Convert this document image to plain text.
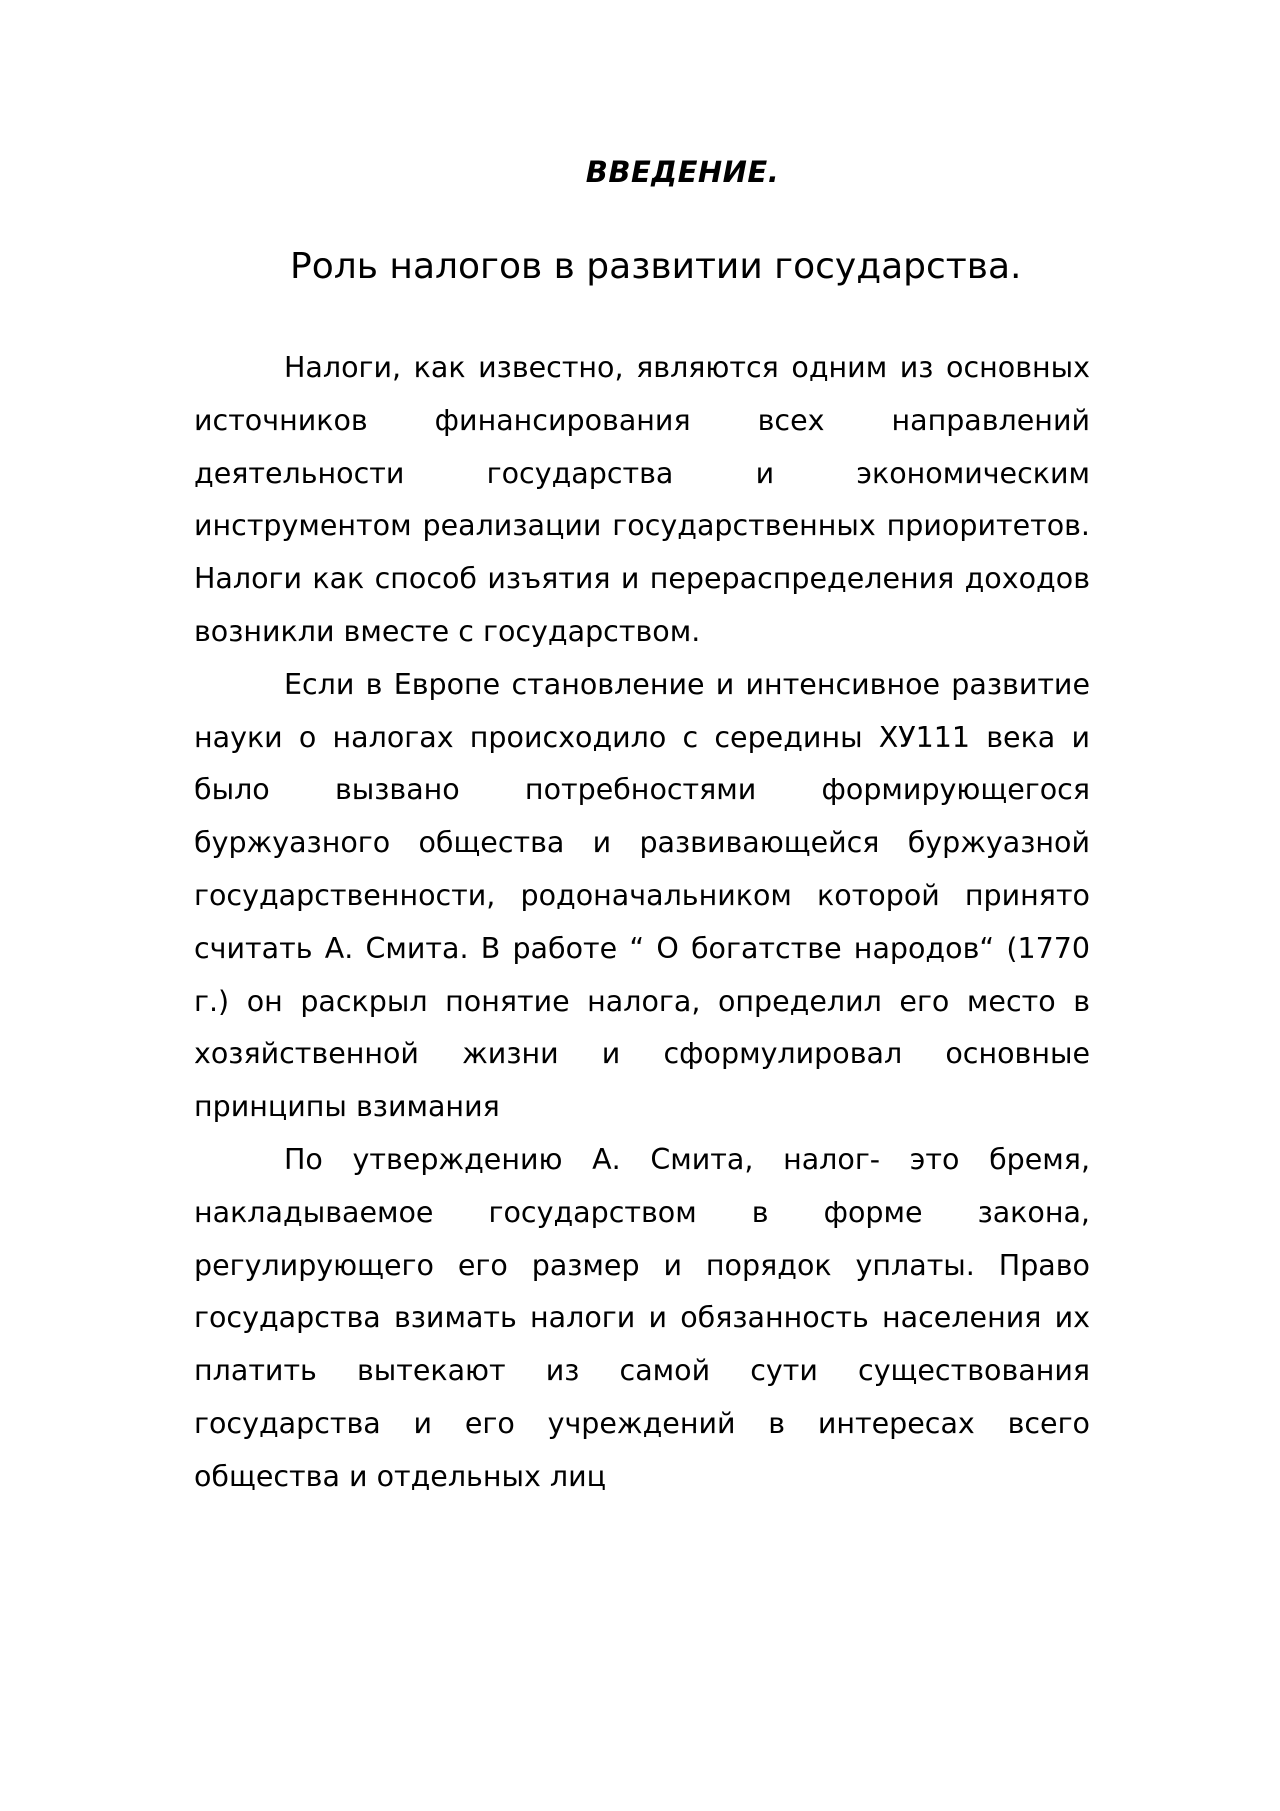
ВВЕДЕНИЕ.
Роль налогов в развитии государства.

Налоги, как известно, являются одним из основных источников финансирования всех направлений деятельности государства и экономическим инструментом реализации государственных приоритетов. Налоги как способ изъятия и перераспределения доходов возникли вместе с государством.

Если в Европе становление и интенсивное развитие науки о налогах происходило с середины ХУ111 века и было вызвано потребностями формирующегося буржуазного общества и развивающейся буржуазной государственности, родоначальником которой принято считать А. Смита. В работе “ О богатстве народов“ (1770 г.) он раскрыл понятие налога, определил его место в хозяйственной жизни и сформулировал основные принципы взимания

По утверждению А. Смита, налог- это бремя, накладываемое государством в форме закона, регулирующего его размер и порядок уплаты. Право государства взимать налоги и обязанность населения их платить вытекают из самой сути существования государства и его учреждений в интересах всего общества и отдельных лиц
